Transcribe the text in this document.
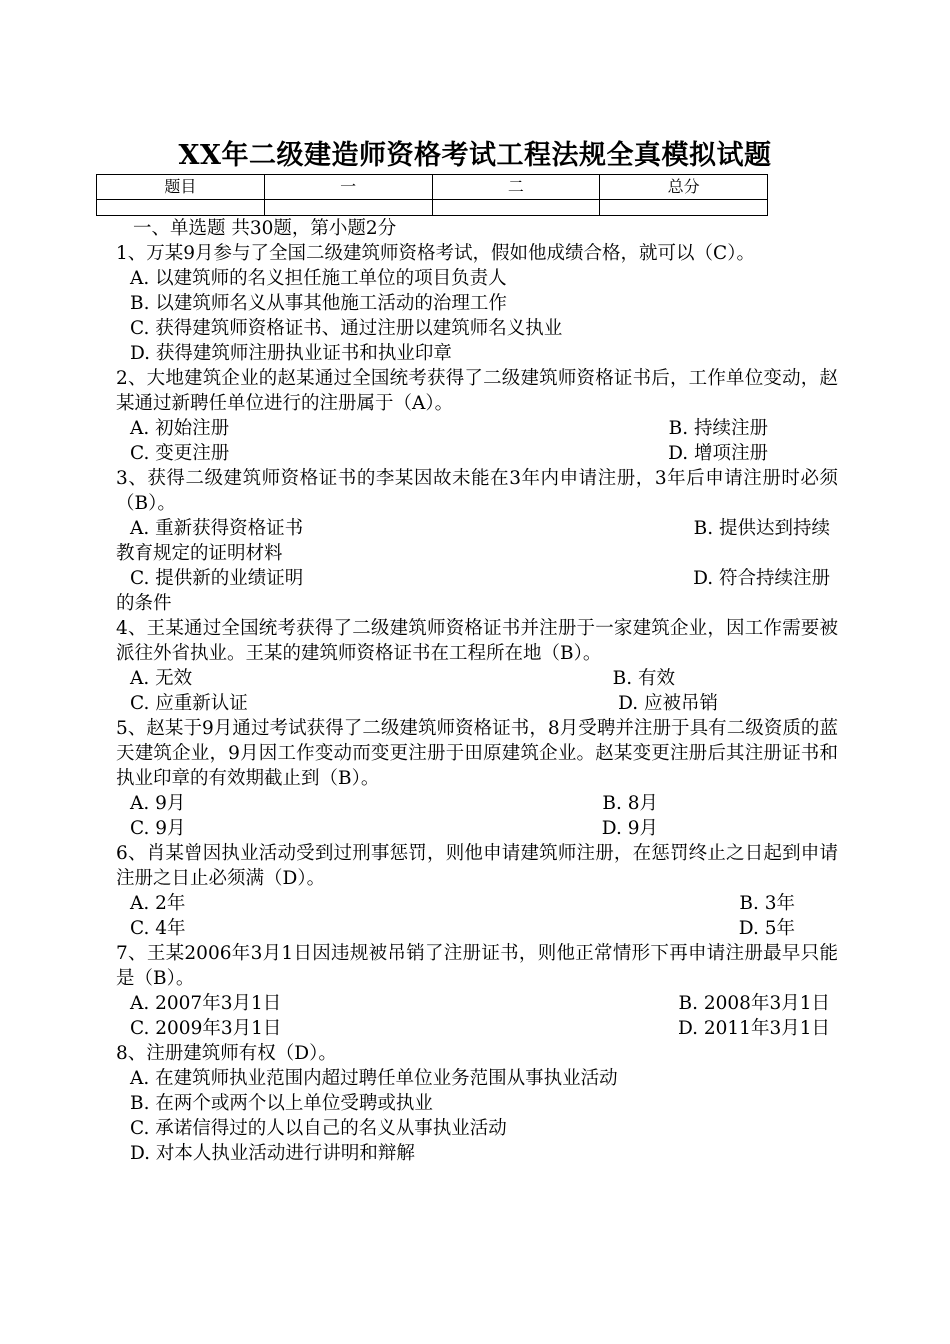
XX年二级建造师资格考试工程法规全真模拟试题
题目	一	二	总分

一、单选题 共30题，第小题2分
1、万某9月参与了全国二级建筑师资格考试，假如他成绩合格，就可以（C）。
A. 以建筑师的名义担任施工单位的项目负责人
B. 以建筑师名义从事其他施工活动的治理工作
C. 获得建筑师资格证书、通过注册以建筑师名义执业
D. 获得建筑师注册执业证书和执业印章
2、大地建筑企业的赵某通过全国统考获得了二级建筑师资格证书后，工作单位变动，赵某通过新聘任单位进行的注册属于（A）。
A. 初始注册	B. 持续注册
C. 变更注册	D. 增项注册
3、获得二级建筑师资格证书的李某因故未能在3年内申请注册，3年后申请注册时必须（B）。
A. 重新获得资格证书	B. 提供达到持续
教育规定的证明材料
C. 提供新的业绩证明	D. 符合持续注册
的条件
4、王某通过全国统考获得了二级建筑师资格证书并注册于一家建筑企业，因工作需要被派往外省执业。王某的建筑师资格证书在工程所在地（B）。
A. 无效	B. 有效
C. 应重新认证	D. 应被吊销
5、赵某于9月通过考试获得了二级建筑师资格证书，8月受聘并注册于具有二级资质的蓝天建筑企业，9月因工作变动而变更注册于田原建筑企业。赵某变更注册后其注册证书和执业印章的有效期截止到（B）。
A. 9月	B. 8月
C. 9月	D. 9月
6、肖某曾因执业活动受到过刑事惩罚，则他申请建筑师注册，在惩罚终止之日起到申请注册之日止必须满（D）。
A. 2年	B. 3年
C. 4年	D. 5年
7、王某2006年3月1日因违规被吊销了注册证书，则他正常情形下再申请注册最早只能是（B）。
A. 2007年3月1日	B. 2008年3月1日
C. 2009年3月1日	D. 2011年3月1日
8、注册建筑师有权（D）。
A. 在建筑师执业范围内超过聘任单位业务范围从事执业活动
B. 在两个或两个以上单位受聘或执业
C. 承诺信得过的人以自己的名义从事执业活动
D. 对本人执业活动进行讲明和辩解
